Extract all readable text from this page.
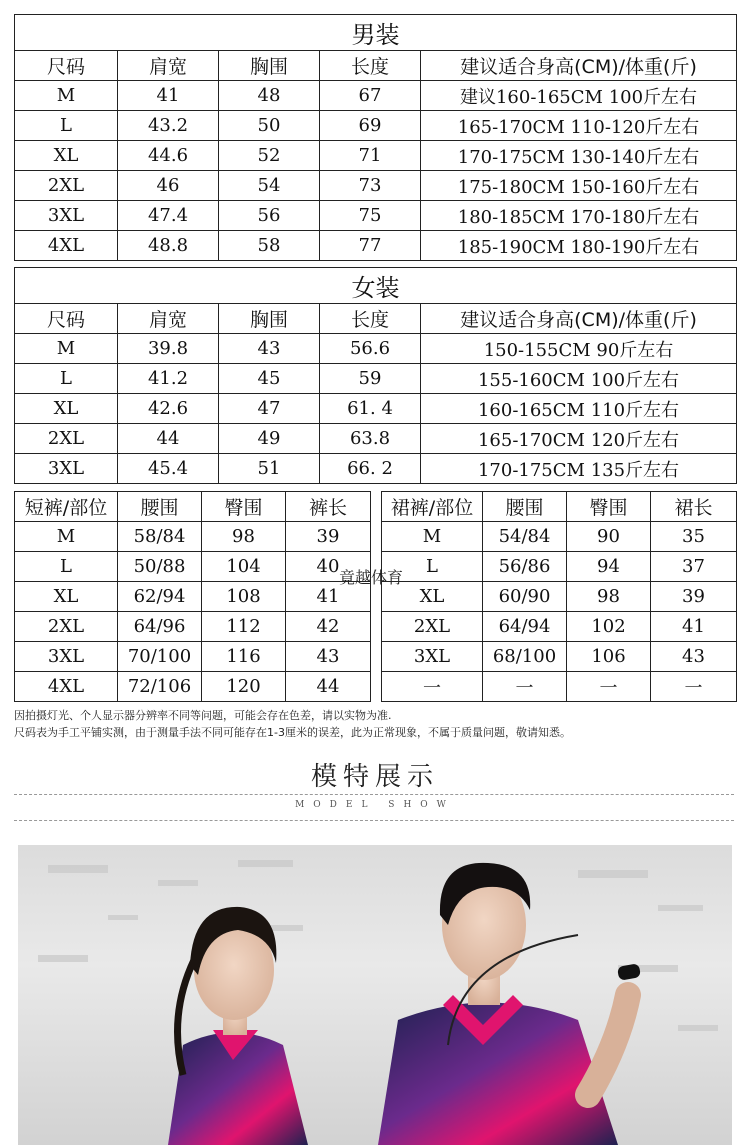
男装				
尺码	肩宽	胸围	长度	建议适合身高(CM)/体重(斤)
M	41	48	67	建议160-165CM 100斤左右
L	43.2	50	69	165-170CM 110-120斤左右
XL	44.6	52	71	170-175CM 130-140斤左右
2XL	46	54	73	175-180CM 150-160斤左右
3XL	47.4	56	75	180-185CM 170-180斤左右
4XL	48.8	58	77	185-190CM 180-190斤左右
女装				
尺码	肩宽	胸围	长度	建议适合身高(CM)/体重(斤)
M	39.8	43	56.6	150-155CM 90斤左右
L	41.2	45	59	155-160CM 100斤左右
XL	42.6	47	61. 4	160-165CM 110斤左右
2XL	44	49	63.8	165-170CM 120斤左右
3XL	45.4	51	66. 2	170-175CM 135斤左右
短裤/部位	腰围	臀围	裤长
M	58/84	98	39
L	50/88	104	40
XL	62/94	108	41
2XL	64/96	112	42
3XL	70/100	116	43
4XL	72/106	120	44
裙裤/部位	腰围	臀围	裙长
M	54/84	90	35
L	56/86	94	37
XL	60/90	98	39
2XL	64/94	102	41
3XL	68/100	106	43
一	一	一	一
竟越体育
因拍摄灯光、个人显示器分辨率不同等问题，可能会存在色差，请以实物为准.
尺码表为手工平铺实测，由于测量手法不同可能存在1-3厘米的误差，此为正常现象，不属于质量问题，敬请知悉。
模特展示
MODEL SHOW
